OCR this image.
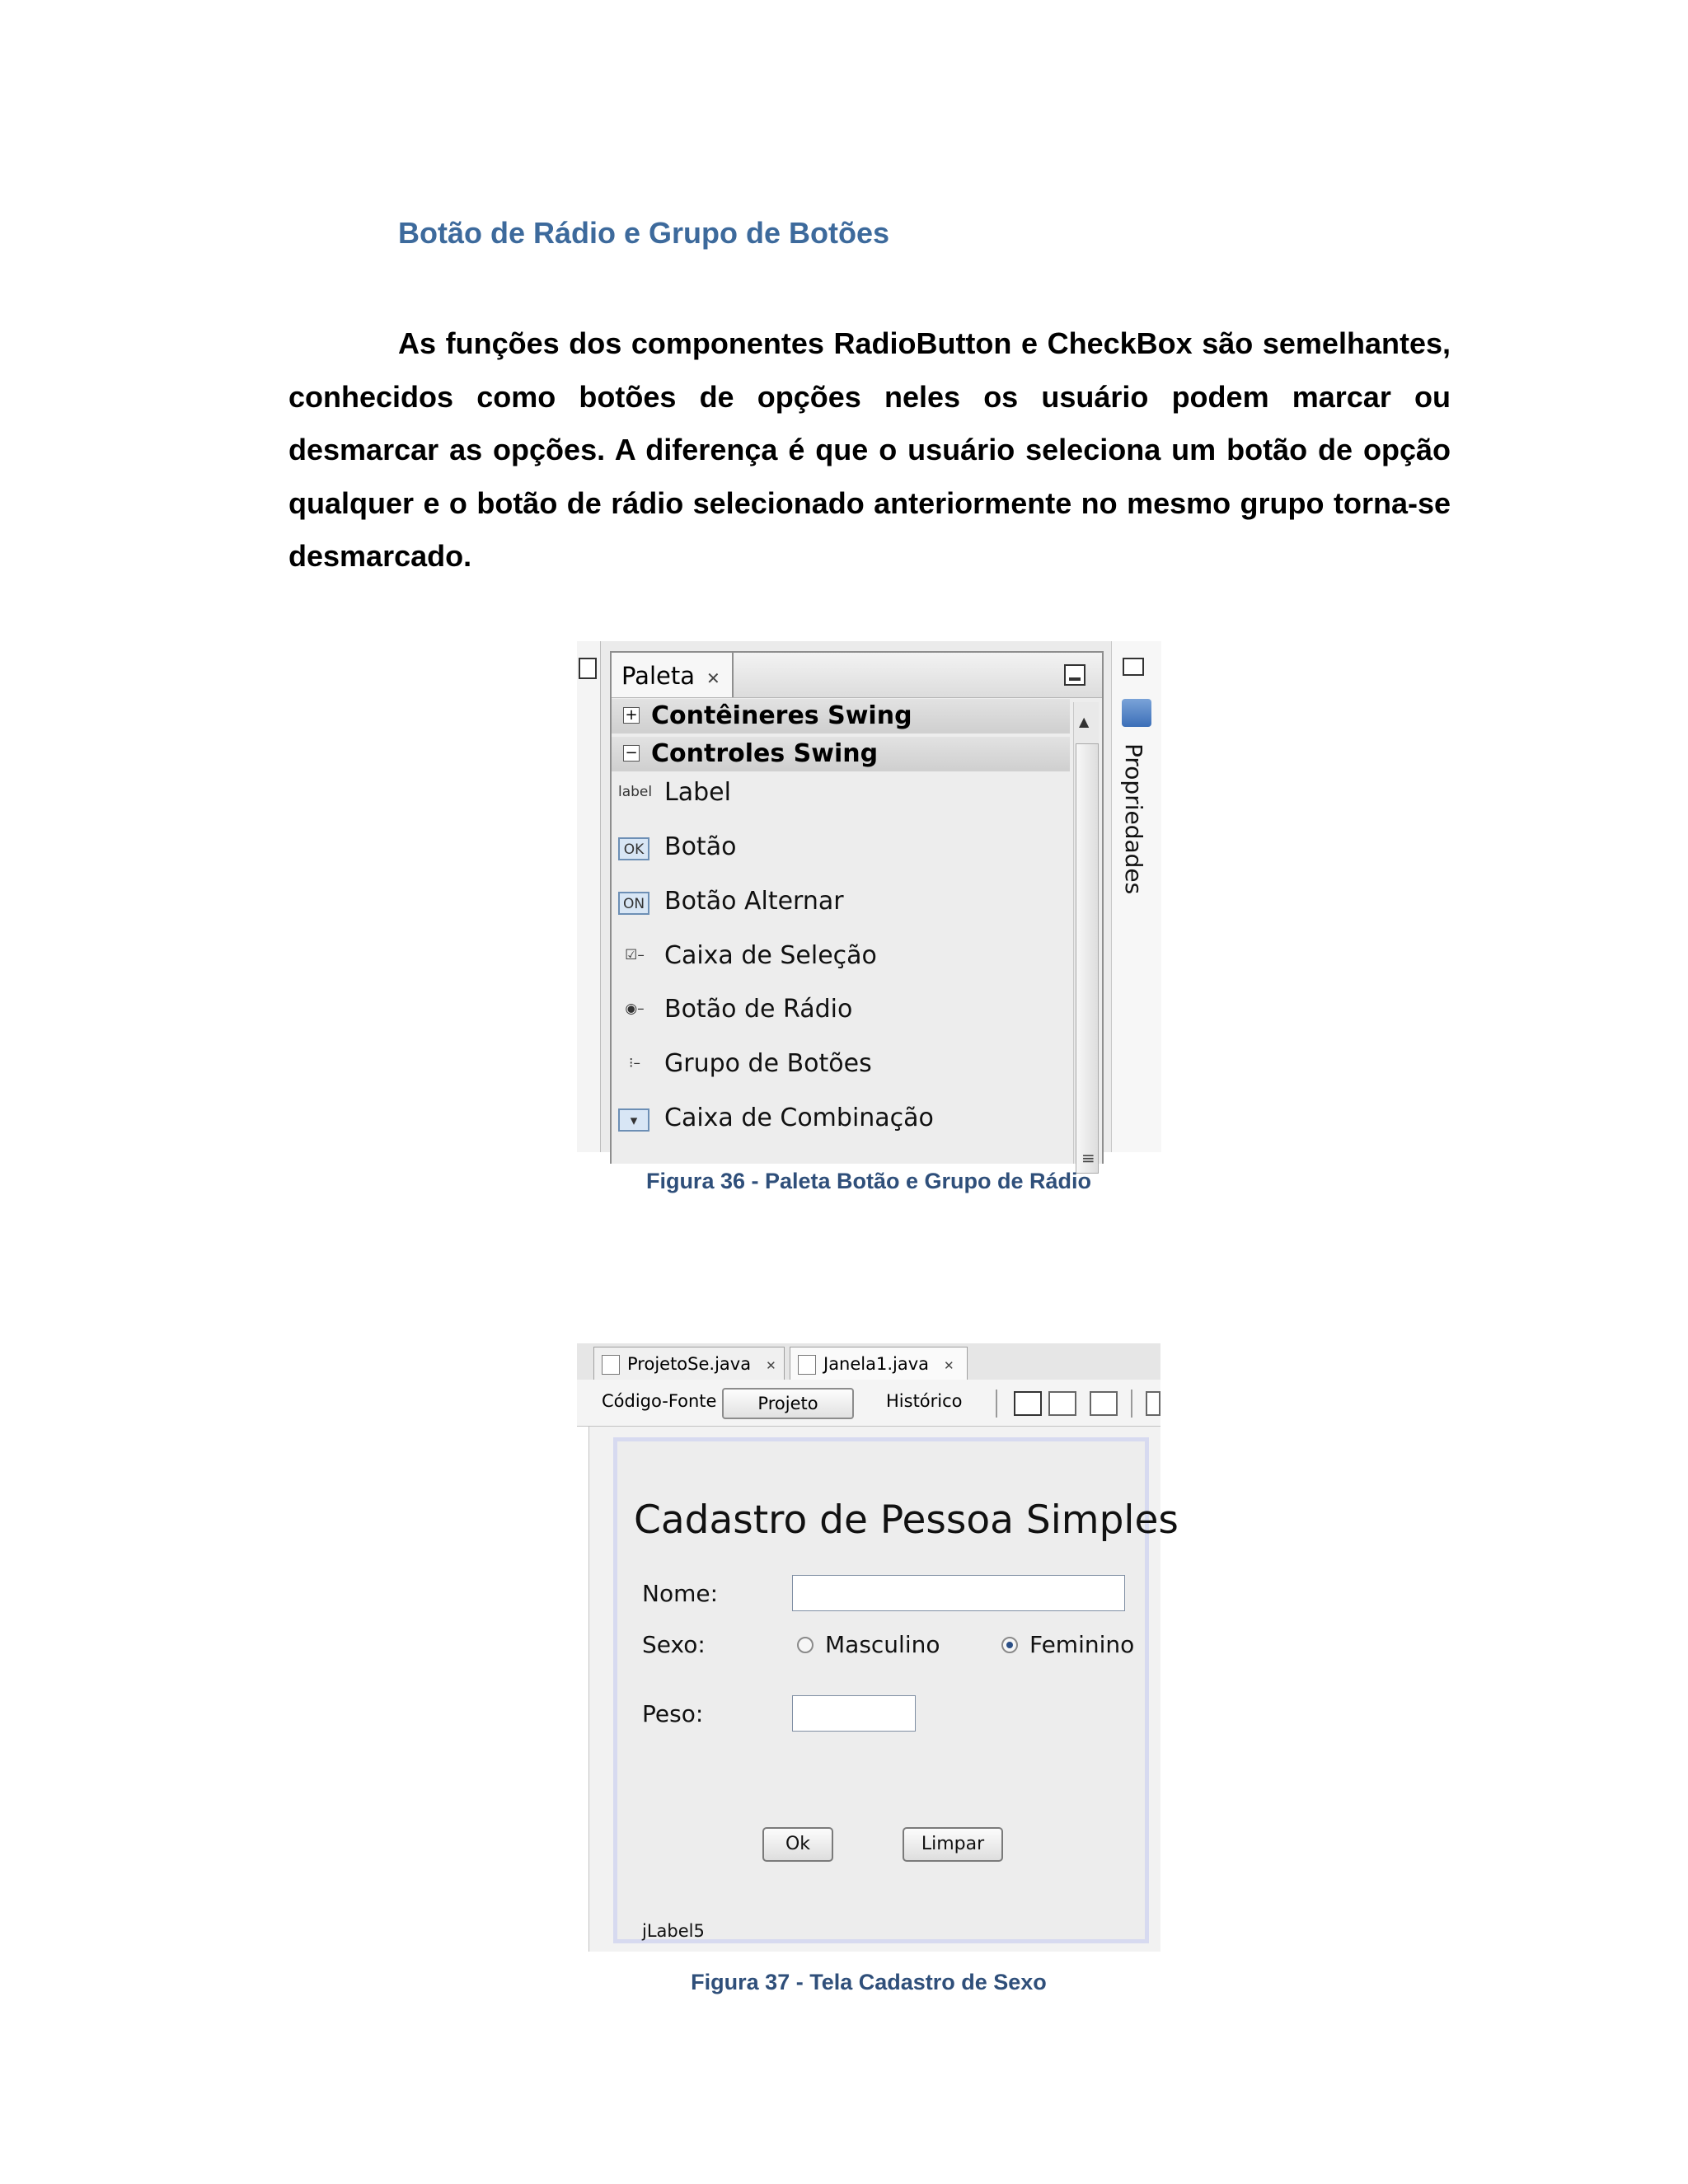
Botão de Rádio e Grupo de Botões
As funções dos componentes RadioButton e CheckBox são semelhantes, conhecidos como botões de opções neles os usuário podem marcar ou desmarcar as opções. A diferença é que o usuário seleciona um botão de opção qualquer e o botão de rádio selecionado anteriormente no mesmo grupo torna-se desmarcado.
Paleta ✕
+ Contêineres Swing
− Controles Swing
label Label
OK Botão
ON Botão Alternar
☑– Caixa de Seleção
◉– Botão de Rádio
⁝– Grupo de Botões
▾	Caixa de Combinação
▲
≡
Propriedades
Figura 36 - Paleta Botão e Grupo de Rádio
ProjetoSe.java ✕	Janela1.java ✕
Código-Fonte	Projeto	Histórico
Cadastro de Pessoa Simples
Nome:
Sexo:	Masculino	Feminino
Peso:
Ok	Limpar
jLabel5
Figura 37 - Tela Cadastro de Sexo
